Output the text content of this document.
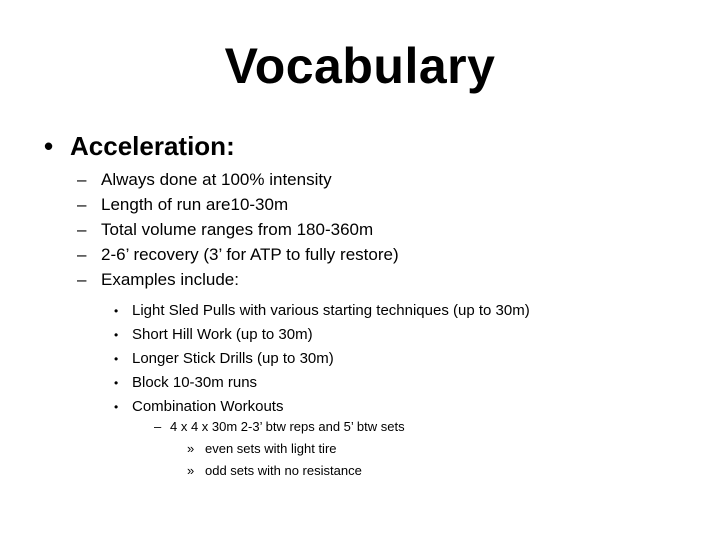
Vocabulary
• Acceleration:
– Always done at 100% intensity
– Length of run are10-30m
– Total volume ranges from 180-360m
– 2-6’ recovery (3’ for ATP to fully restore)
– Examples include:
• Light Sled Pulls with various starting techniques (up to 30m)
• Short Hill Work (up to 30m)
• Longer Stick Drills (up to 30m)
• Block 10-30m runs
• Combination Workouts
– 4 x 4 x 30m 2-3’ btw reps and 5’ btw sets
» even sets with light tire
» odd sets with no resistance
